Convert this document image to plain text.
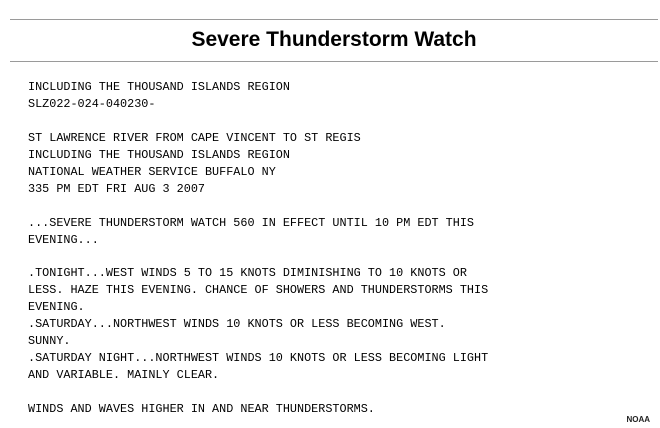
Severe Thunderstorm Watch
INCLUDING THE THOUSAND ISLANDS REGION
SLZ022-024-040230-

ST LAWRENCE RIVER FROM CAPE VINCENT TO ST REGIS
INCLUDING THE THOUSAND ISLANDS REGION
NATIONAL WEATHER SERVICE BUFFALO NY
335 PM EDT FRI AUG 3 2007

...SEVERE THUNDERSTORM WATCH 560 IN EFFECT UNTIL 10 PM EDT THIS
EVENING...

.TONIGHT...WEST WINDS 5 TO 15 KNOTS DIMINISHING TO 10 KNOTS OR
LESS. HAZE THIS EVENING. CHANCE OF SHOWERS AND THUNDERSTORMS THIS
EVENING.
.SATURDAY...NORTHWEST WINDS 10 KNOTS OR LESS BECOMING WEST.
SUNNY.
.SATURDAY NIGHT...NORTHWEST WINDS 10 KNOTS OR LESS BECOMING LIGHT
AND VARIABLE. MAINLY CLEAR.

WINDS AND WAVES HIGHER IN AND NEAR THUNDERSTORMS.
NOAA
